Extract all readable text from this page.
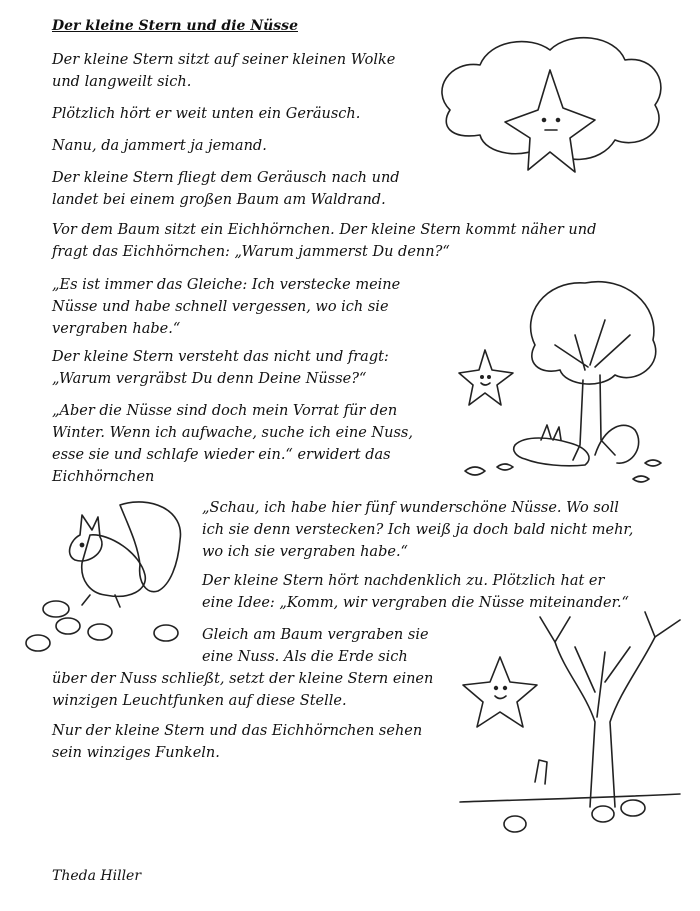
Der kleine Stern und die Nüsse
Der kleine Stern sitzt auf seiner kleinen Wolke
und langweilt sich.
Plötzlich hört er weit unten ein Geräusch.
Nanu, da jammert ja jemand.
Der kleine Stern fliegt dem Geräusch nach und
landet bei einem großen Baum am Waldrand.
Vor dem Baum sitzt ein Eichhörnchen. Der kleine Stern kommt näher und
fragt das Eichhörnchen: „Warum jammerst Du denn?“
„Es ist immer das Gleiche: Ich verstecke meine
Nüsse und habe schnell vergessen, wo ich sie
vergraben habe.“
Der kleine Stern versteht das nicht und fragt:
„Warum vergräbst Du denn Deine Nüsse?“
„Aber die Nüsse sind doch mein Vorrat für den
Winter. Wenn ich aufwache, suche ich eine Nuss,
esse sie und schlafe wieder ein.“ erwidert das
Eichhörnchen
„Schau, ich habe hier fünf wunderschöne Nüsse. Wo soll
ich sie denn verstecken? Ich weiß ja doch bald nicht mehr,
wo ich sie vergraben habe.“
Der kleine Stern hört nachdenklich zu. Plötzlich hat er
eine Idee: „Komm, wir vergraben die Nüsse miteinander.“
Gleich am Baum vergraben sie
eine Nuss. Als die Erde sich
über der Nuss schließt, setzt der kleine Stern einen
winzigen Leuchtfunken auf diese Stelle.
Nur der kleine Stern und das Eichhörnchen sehen
sein winziges Funkeln.
Theda Hiller
